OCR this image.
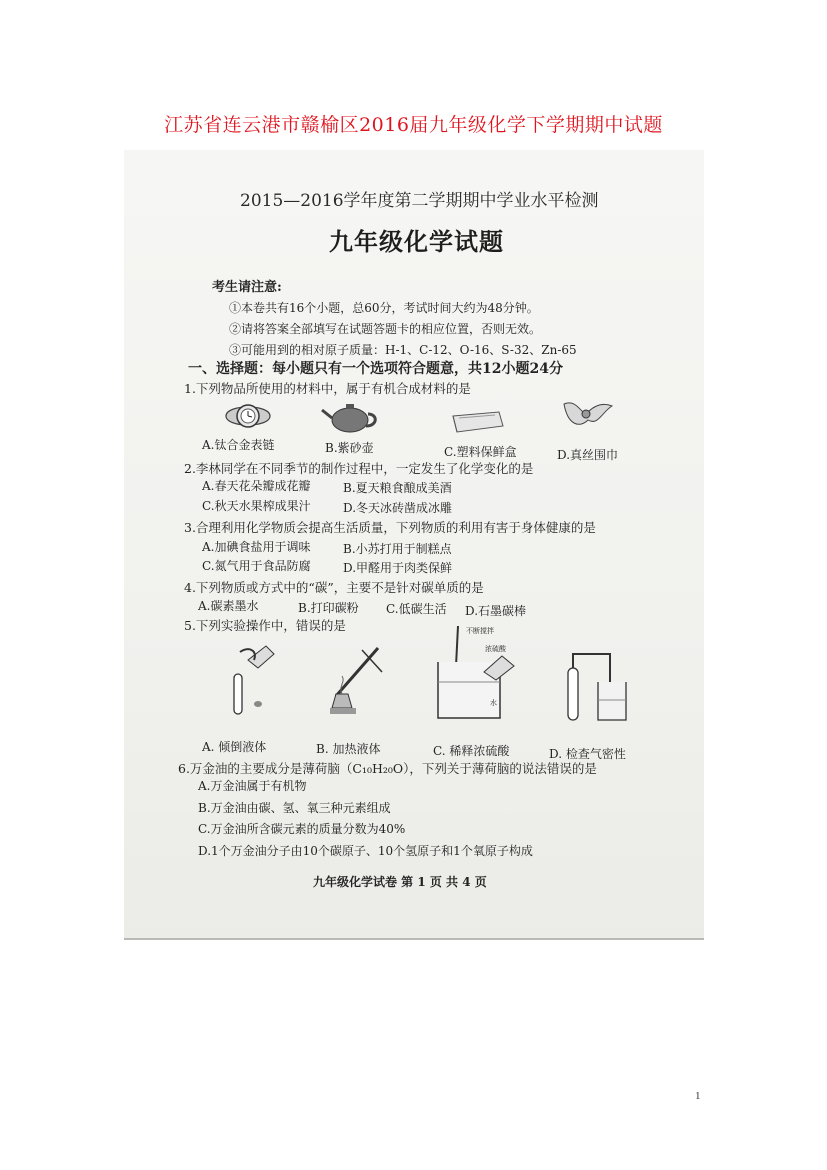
江苏省连云港市赣榆区2016届九年级化学下学期期中试题
2015—2016学年度第二学期期中学业水平检测
九年级化学试题
考生请注意:
①本卷共有16个小题，总60分，考试时间大约为48分钟。
②请将答案全部填写在试题答题卡的相应位置，否则无效。
③可能用到的相对原子质量：H-1、C-12、O-16、S-32、Zn-65
一、选择题：每小题只有一个选项符合题意，共12小题24分
1.下列物品所使用的材料中，属于有机合成材料的是
A.钛合金表链	B.紫砂壶	C.塑料保鲜盒	D.真丝围巾
2.李林同学在不同季节的制作过程中，一定发生了化学变化的是
A.春天花朵瓣成花瓣	B.夏天粮食酿成美酒
C.秋天水果榨成果汁	D.冬天冰砖凿成冰雕
3.合理利用化学物质会提高生活质量，下列物质的利用有害于身体健康的是
A.加碘食盐用于调味	B.小苏打用于制糕点
C.氮气用于食品防腐	D.甲醛用于肉类保鲜
4.下列物质或方式中的“碳”，主要不是针对碳单质的是
A.碳素墨水	B.打印碳粉 C.低碳生活 D.石墨碳棒
5.下列实验操作中，错误的是	不断搅拌
浓硫酸
水
A. 倾倒液体	B. 加热液体	C. 稀释浓硫酸	D. 检查气密性
6.万金油的主要成分是薄荷脑（C₁₀H₂₀O），下列关于薄荷脑的说法错误的是
A.万金油属于有机物
B.万金油由碳、氢、氧三种元素组成
C.万金油所含碳元素的质量分数为40%
D.1个万金油分子由10个碳原子、10个氢原子和1个氧原子构成
九年级化学试卷 第 1 页 共 4 页
1
